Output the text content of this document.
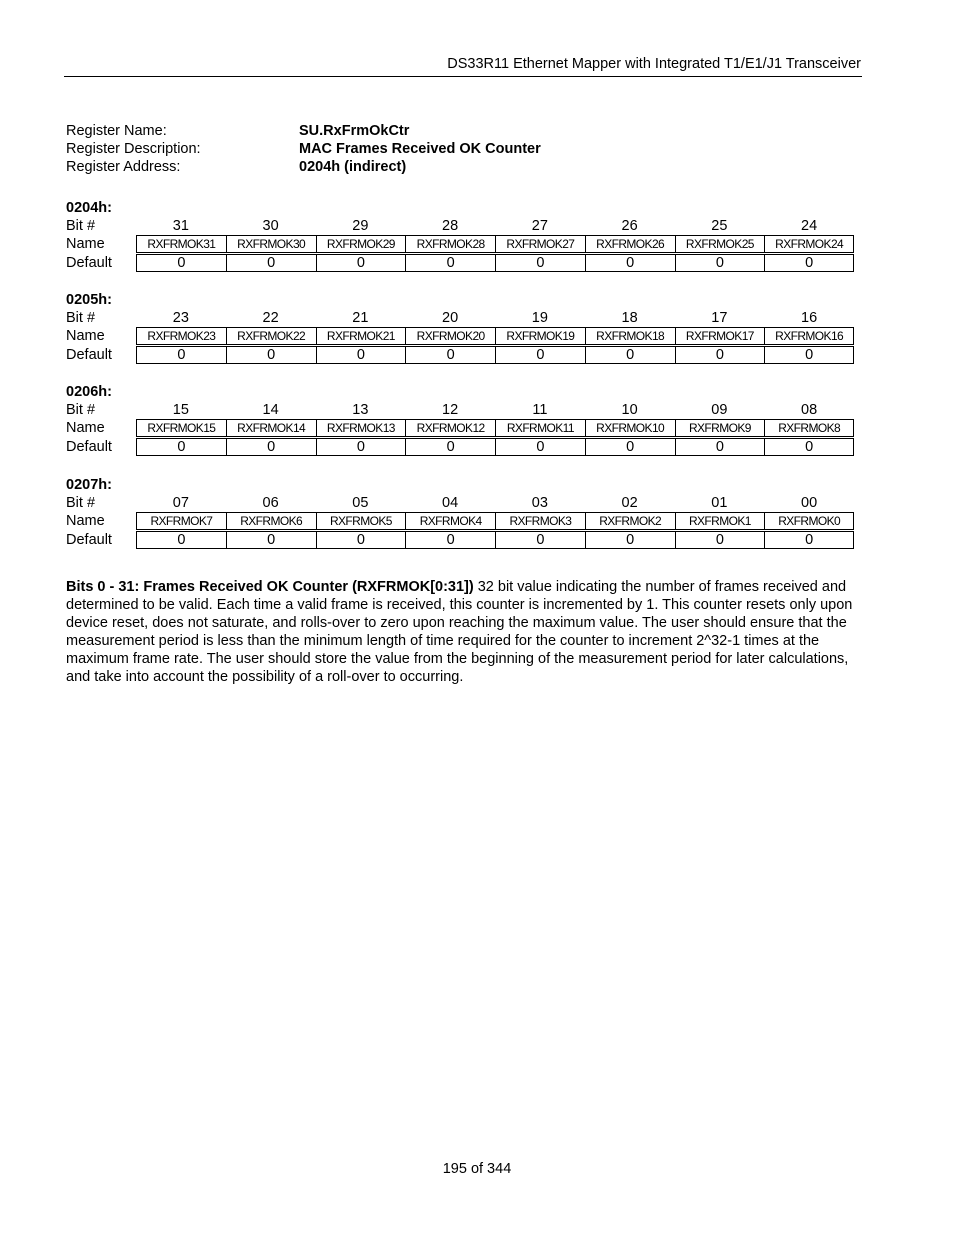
DS33R11 Ethernet Mapper with Integrated T1/E1/J1 Transceiver
Register Name:	SU.RxFrmOkCtr
Register Description:	MAC Frames Received OK Counter
Register Address:	0204h (indirect)
0204h:
Bit #	31	30	29	28	27	26	25	24
Name	RXFRMOK31	RXFRMOK30	RXFRMOK29	RXFRMOK28	RXFRMOK27	RXFRMOK26	RXFRMOK25	RXFRMOK24
Default	0	0	0	0	0	0	0	0
0205h:
Bit #	23	22	21	20	19	18	17	16
Name	RXFRMOK23	RXFRMOK22	RXFRMOK21	RXFRMOK20	RXFRMOK19	RXFRMOK18	RXFRMOK17	RXFRMOK16
Default	0	0	0	0	0	0	0	0
0206h:
Bit #	15	14	13	12	11	10	09	08
Name	RXFRMOK15	RXFRMOK14	RXFRMOK13	RXFRMOK12	RXFRMOK11	RXFRMOK10	RXFRMOK9	RXFRMOK8
Default	0	0	0	0	0	0	0	0
0207h:
Bit #	07	06	05	04	03	02	01	00
Name	RXFRMOK7	RXFRMOK6	RXFRMOK5	RXFRMOK4	RXFRMOK3	RXFRMOK2	RXFRMOK1	RXFRMOK0
Default	0	0	0	0	0	0	0	0
Bits 0 - 31: Frames Received OK Counter (RXFRMOK[0:31]) 32 bit value indicating the number of frames received and determined to be valid. Each time a valid frame is received, this counter is incremented by 1. This counter resets only upon device reset, does not saturate, and rolls-over to zero upon reaching the maximum value. The user should ensure that the measurement period is less than the minimum length of time required for the counter to increment 2^32-1 times at the maximum frame rate. The user should store the value from the beginning of the measurement period for later calculations, and take into account the possibility of a roll-over to occurring.
195 of 344
